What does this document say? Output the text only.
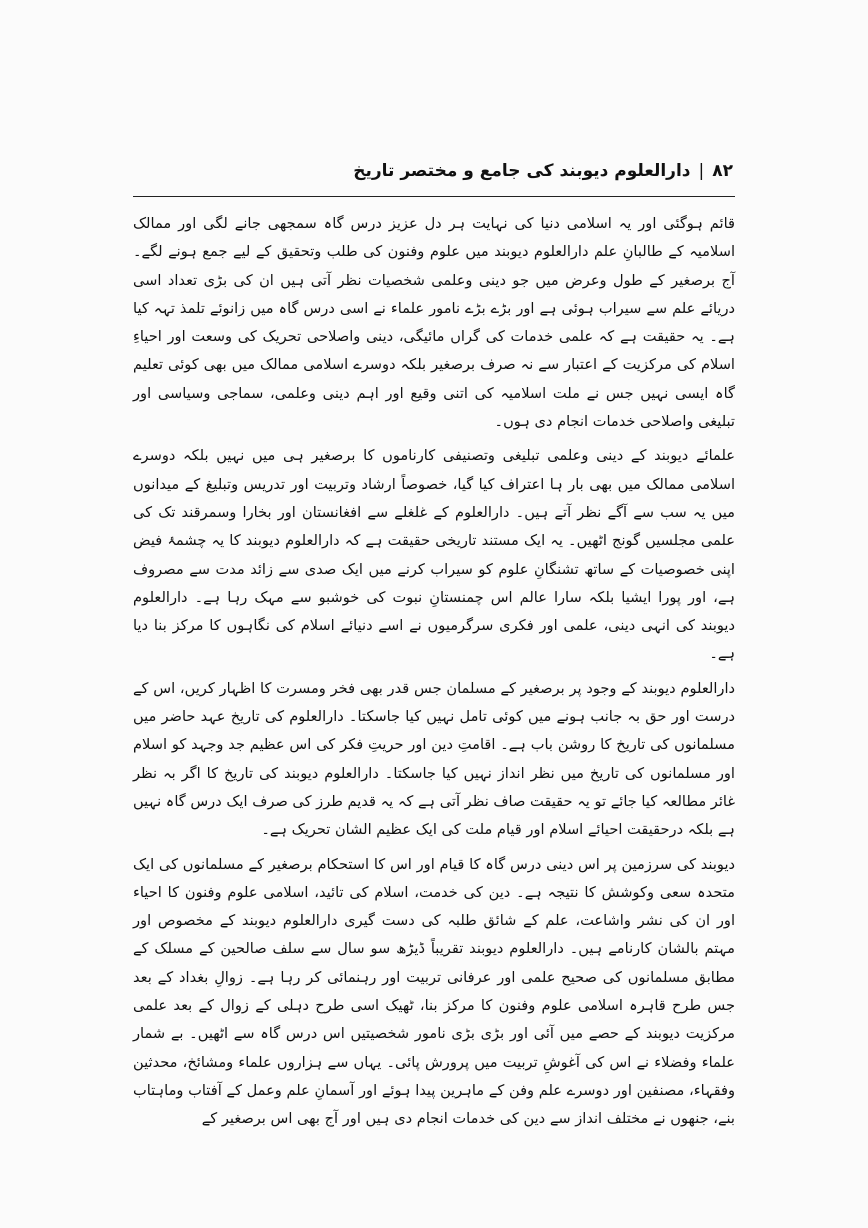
۸۲
|
دارالعلوم دیوبند کی جامع و مختصر تاریخ

قائم ہوگئی اور یہ اسلامی دنیا کی نہایت ہر دل عزیز درس گاہ سمجھی جانے لگی اور ممالک اسلامیہ کے طالبانِ علم دارالعلوم دیوبند میں علوم وفنون کی طلب وتحقیق کے لیے جمع ہونے لگے۔ آج برصغیر کے طول وعرض میں جو دینی وعلمی شخصیات نظر آتی ہیں ان کی بڑی تعداد اسی دریائے علم سے سیراب ہوئی ہے اور بڑے بڑے نامور علماء نے اسی درس گاہ میں زانوئے تلمذ تہہ کیا ہے۔ یہ حقیقت ہے کہ علمی خدمات کی گراں مائیگی، دینی واصلاحی تحریک کی وسعت اور احیاءِ اسلام کی مرکزیت کے اعتبار سے نہ صرف برصغیر بلکہ دوسرے اسلامی ممالک میں بھی کوئی تعلیم گاہ ایسی نہیں جس نے ملت اسلامیہ کی اتنی وقیع اور اہم دینی وعلمی، سماجی وسیاسی اور تبلیغی واصلاحی خدمات انجام دی ہوں۔

علمائے دیوبند کے دینی وعلمی تبلیغی وتصنیفی کارناموں کا برصغیر ہی میں نہیں بلکہ دوسرے اسلامی ممالک میں بھی بار ہا اعتراف کیا گیا، خصوصاً ارشاد وتربیت اور تدریس وتبلیغ کے میدانوں میں یہ سب سے آگے نظر آتے ہیں۔ دارالعلوم کے غلغلے سے افغانستان اور بخارا وسمرقند تک کی علمی مجلسیں گونج اٹھیں۔ یہ ایک مستند تاریخی حقیقت ہے کہ دارالعلوم دیوبند کا یہ چشمۂ فیض اپنی خصوصیات کے ساتھ تشنگانِ علوم کو سیراب کرنے میں ایک صدی سے زائد مدت سے مصروف ہے، اور پورا ایشیا بلکہ سارا عالم اس چمنستانِ نبوت کی خوشبو سے مہک رہا ہے۔ دارالعلوم دیوبند کی انہی دینی، علمی اور فکری سرگرمیوں نے اسے دنیائے اسلام کی نگاہوں کا مرکز بنا دیا ہے۔

دارالعلوم دیوبند کے وجود پر برصغیر کے مسلمان جس قدر بھی فخر ومسرت کا اظہار کریں، اس کے درست اور حق بہ جانب ہونے میں کوئی تامل نہیں کیا جاسکتا۔ دارالعلوم کی تاریخ عہد حاضر میں مسلمانوں کی تاریخ کا روشن باب ہے۔ اقامتِ دین اور حریتِ فکر کی اس عظیم جد وجہد کو اسلام اور مسلمانوں کی تاریخ میں نظر انداز نہیں کیا جاسکتا۔ دارالعلوم دیوبند کی تاریخ کا اگر بہ نظر غائر مطالعہ کیا جائے تو یہ حقیقت صاف نظر آتی ہے کہ یہ قدیم طرز کی صرف ایک درس گاہ نہیں ہے بلکہ درحقیقت احیائے اسلام اور قیام ملت کی ایک عظیم الشان تحریک ہے۔

دیوبند کی سرزمین پر اس دینی درس گاہ کا قیام اور اس کا استحکام برصغیر کے مسلمانوں کی ایک متحدہ سعی وکوشش کا نتیجہ ہے۔ دین کی خدمت، اسلام کی تائید، اسلامی علوم وفنون کا احیاء اور ان کی نشر واشاعت، علم کے شائق طلبہ کی دست گیری دارالعلوم دیوبند کے مخصوص اور مہتم بالشان کارنامے ہیں۔ دارالعلوم دیوبند تقریباً ڈیڑھ سو سال سے سلف صالحین کے مسلک کے مطابق مسلمانوں کی صحیح علمی اور عرفانی تربیت اور رہنمائی کر رہا ہے۔ زوالِ بغداد کے بعد جس طرح قاہرہ اسلامی علوم وفنون کا مرکز بنا، ٹھیک اسی طرح دہلی کے زوال کے بعد علمی مرکزیت دیوبند کے حصے میں آئی اور بڑی بڑی نامور شخصیتیں اس درس گاہ سے اٹھیں۔ بے شمار علماء وفضلاء نے اس کی آغوشِ تربیت میں پرورش پائی۔ یہاں سے ہزاروں علماء ومشائخ، محدثین وفقہاء، مصنفین اور دوسرے علم وفن کے ماہرین پیدا ہوئے اور آسمانِ علم وعمل کے آفتاب وماہتاب بنے، جنھوں نے مختلف انداز سے دین کی خدمات انجام دی ہیں اور آج بھی اس برصغیر کے
